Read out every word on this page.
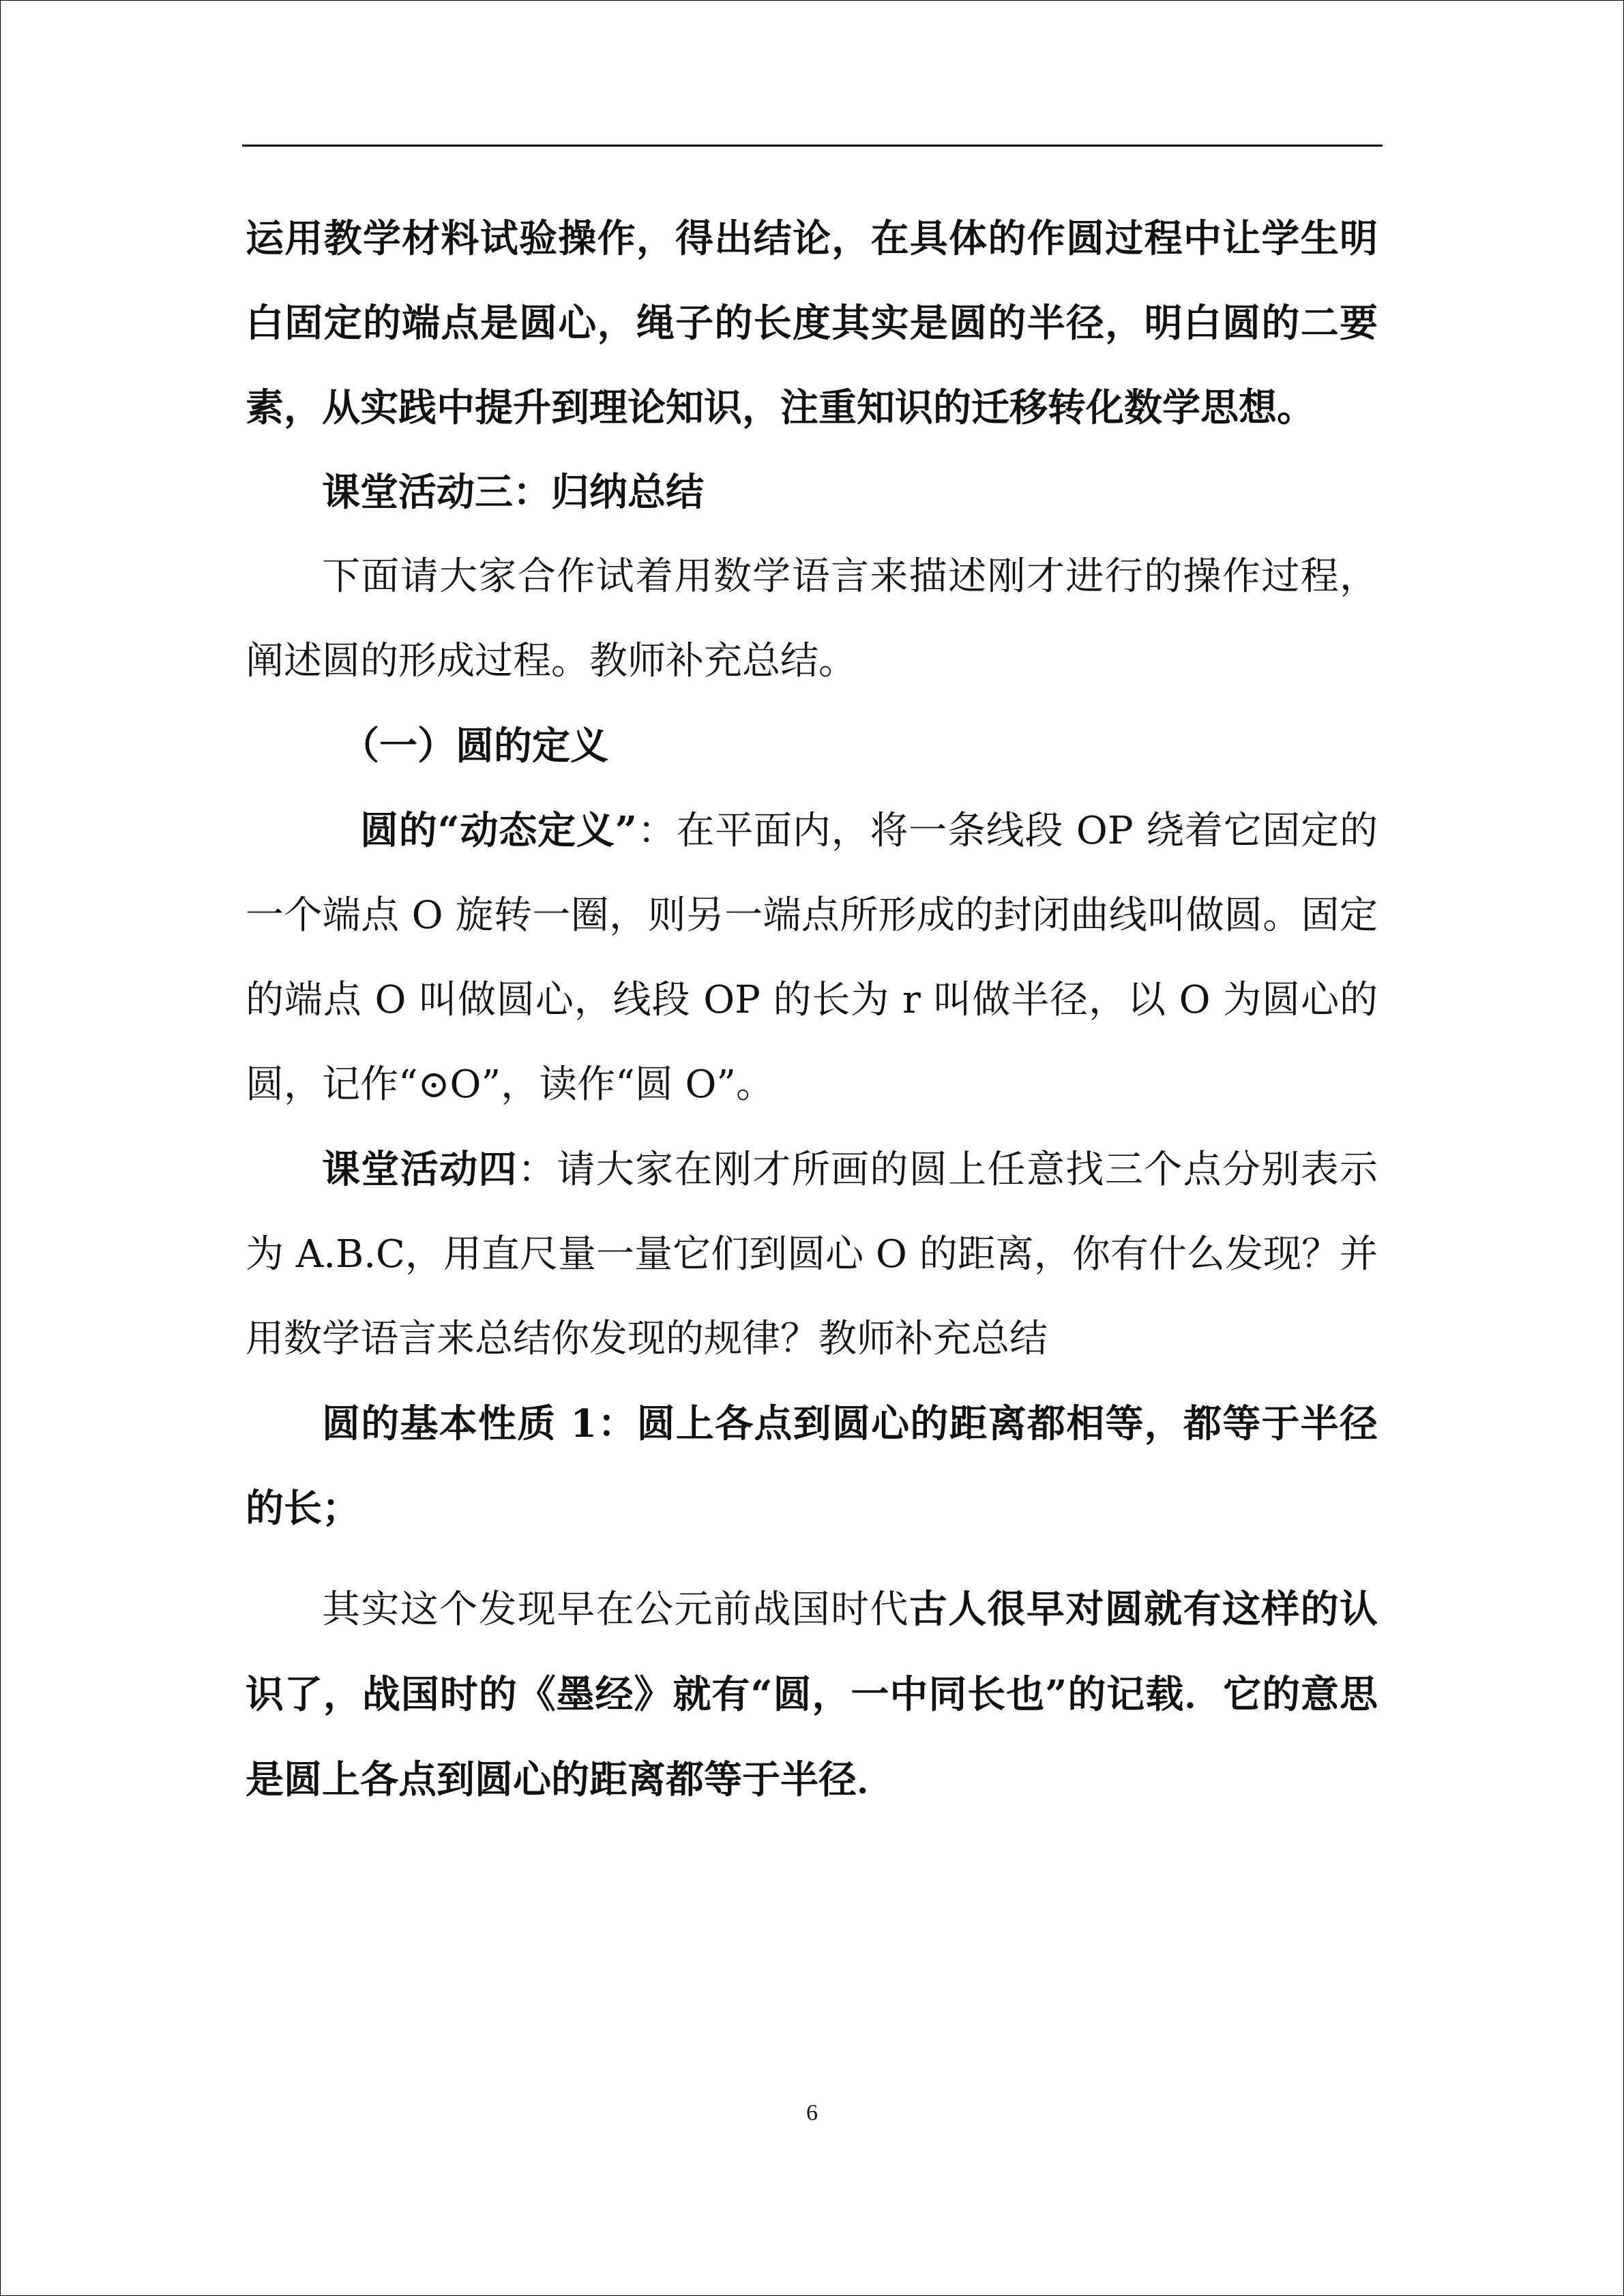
运用教学材料试验操作，得出结论，在具体的作圆过程中让学生明白固定的端点是圆心，绳子的长度其实是圆的半径，明白圆的二要素，从实践中提升到理论知识，注重知识的迁移转化数学思想。

课堂活动三：归纳总结

下面请大家合作试着用数学语言来描述刚才进行的操作过程，阐述圆的形成过程。教师补充总结。

（一）圆的定义

圆的“动态定义”：在平面内，将一条线段 OP 绕着它固定的一个端点 O 旋转一圈，则另一端点所形成的封闭曲线叫做圆。固定的端点 O 叫做圆心，线段 OP 的长为 r 叫做半径，以 O 为圆心的圆，记作“⊙O”，读作“圆 O”。

课堂活动四：请大家在刚才所画的圆上任意找三个点分别表示为 A.B.C，用直尺量一量它们到圆心 O 的距离，你有什么发现？并用数学语言来总结你发现的规律？教师补充总结

圆的基本性质 1：圆上各点到圆心的距离都相等，都等于半径的长；

其实这个发现早在公元前战国时代古人很早对圆就有这样的认识了，战国时的《墨经》就有“圆，一中同长也”的记载．它的意思是圆上各点到圆心的距离都等于半径．

6
